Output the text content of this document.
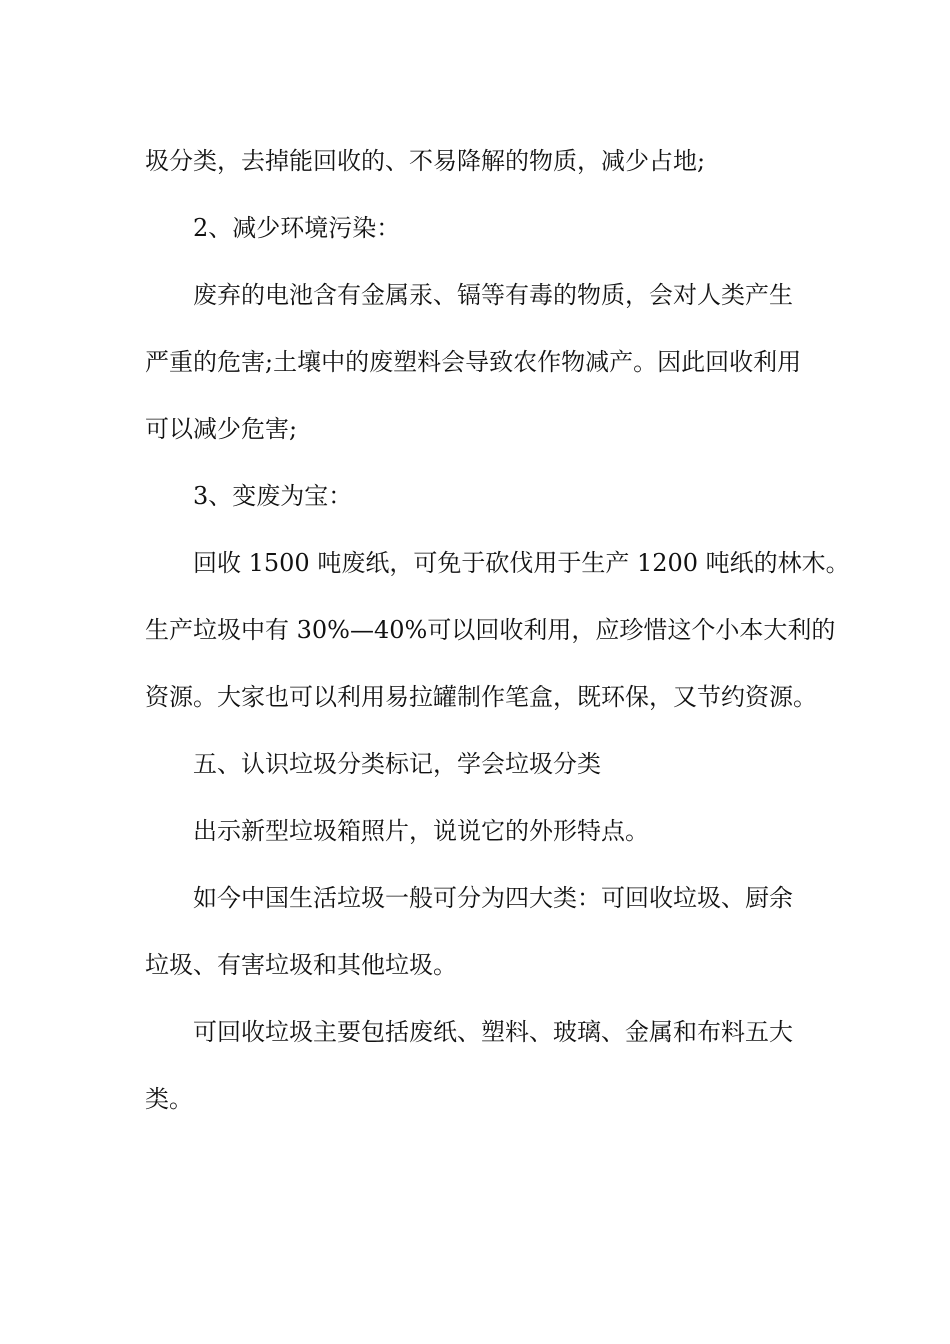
圾分类，去掉能回收的、不易降解的物质，减少占地;
2、减少环境污染：
废弃的电池含有金属汞、镉等有毒的物质，会对人类产生
严重的危害;土壤中的废塑料会导致农作物减产。因此回收利用
可以减少危害;
3、变废为宝：
回收 1500 吨废纸，可免于砍伐用于生产 1200 吨纸的林木。
生产垃圾中有 30%—40%可以回收利用，应珍惜这个小本大利的
资源。大家也可以利用易拉罐制作笔盒，既环保，又节约资源。
五、认识垃圾分类标记，学会垃圾分类
出示新型垃圾箱照片，说说它的外形特点。
如今中国生活垃圾一般可分为四大类：可回收垃圾、厨余
垃圾、有害垃圾和其他垃圾。
可回收垃圾主要包括废纸、塑料、玻璃、金属和布料五大
类。
